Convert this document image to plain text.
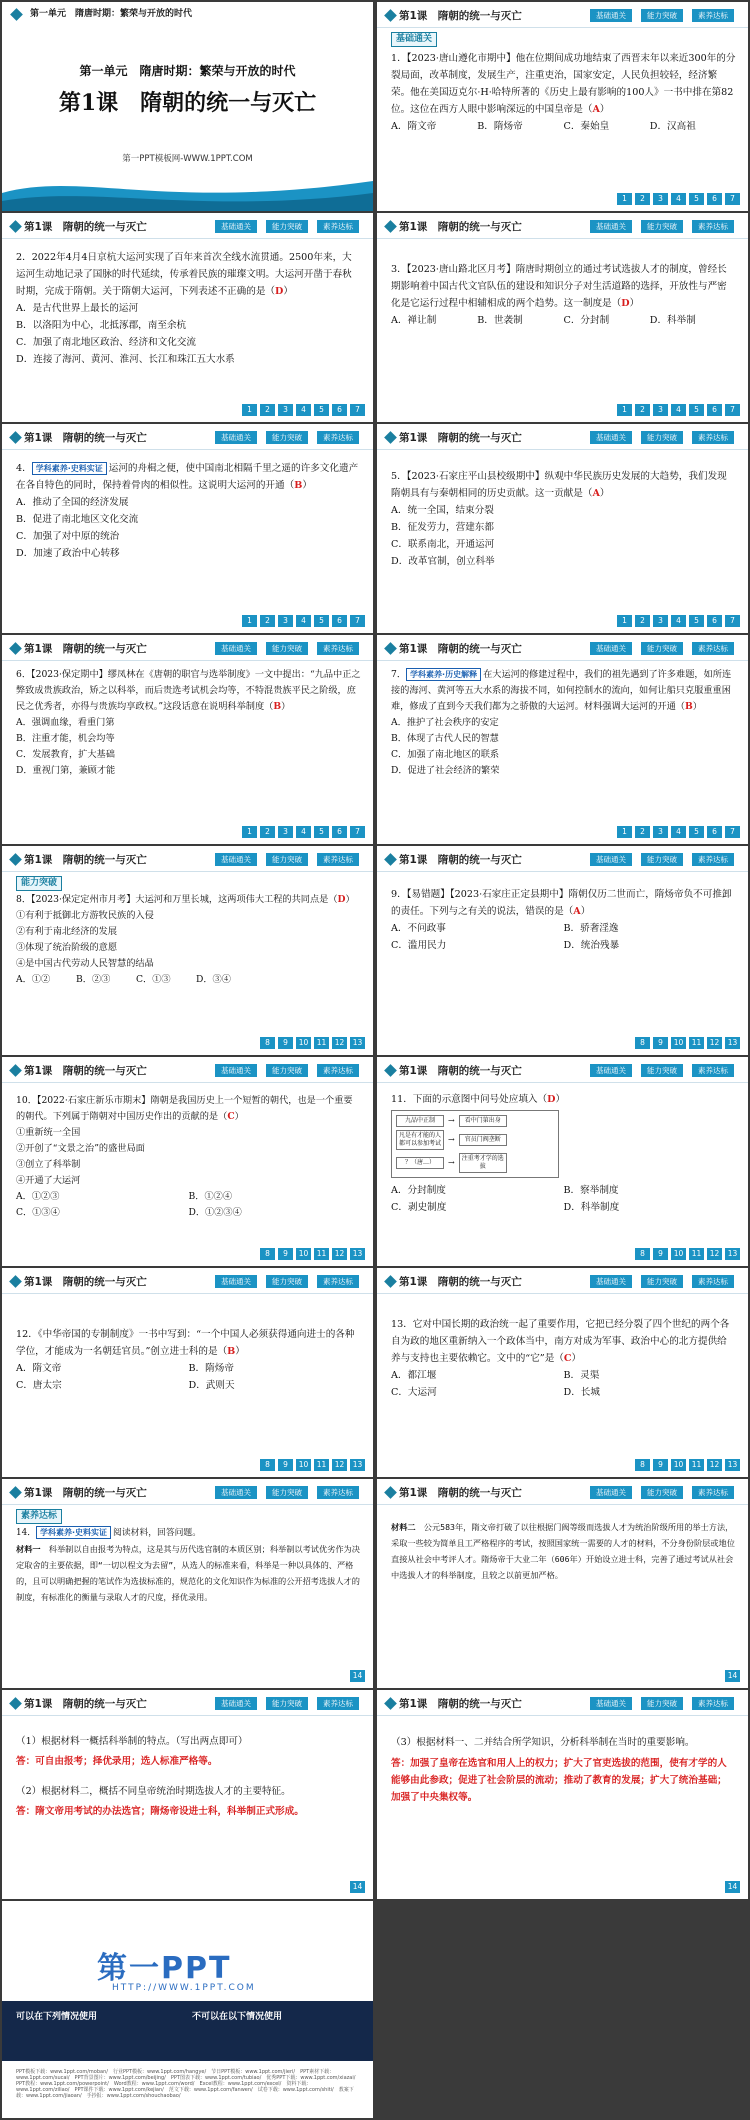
第一单元　隋唐时期：繁荣与开放的时代
第一单元　隋唐时期：繁荣与开放的时代
第1课　隋朝的统一与灭亡
第一PPT模板网-WWW.1PPT.COM
第1课　隋朝的统一与灭亡	基础通关	能力突破	素养达标
基础通关

1．【2023·唐山遵化市期中】他在位期间成功地结束了西晋末年以来近300年的分裂局面，改革制度，发展生产，注重吏治，国家安定，人民负担较轻，经济繁荣。他在美国迈克尔·H·哈特所著的《历史上最有影响的100人》一书中排在第82位。这位在西方人眼中影响深远的中国皇帝是（A）

A．隋文帝	B．隋炀帝	C．秦始皇	D．汉高祖

1	2	3	4	5	6	7
第1课　隋朝的统一与灭亡	基础通关	能力突破	素养达标

2．2022年4月4日京杭大运河实现了百年来首次全线水流贯通。2500年来，大运河生动地记录了国脉的时代延续，传承着民族的璀璨文明。大运河开凿于春秋时期，完成于隋朝。关于隋朝大运河，下列表述不正确的是（D）

A．是古代世界上最长的运河

B．以洛阳为中心，北抵涿郡，南至余杭

C．加强了南北地区政治、经济和文化交流

D．连接了海河、黄河、淮河、长江和珠江五大水系

1	2	3	4	5	6	7
第1课　隋朝的统一与灭亡	基础通关	能力突破	素养达标

3．【2023·唐山路北区月考】隋唐时期创立的通过考试选拔人才的制度，曾经长期影响着中国古代文官队伍的建设和知识分子对生活道路的选择，开放性与严密化是它运行过程中相辅相成的两个趋势。这一制度是（D）

A．禅让制	B．世袭制	C．分封制	D．科举制

1	2	3	4	5	6	7
第1课　隋朝的统一与灭亡	基础通关	能力突破	素养达标

4． 学科素养·史料实证 运河的舟楫之便，使中国南北相隔千里之遥的许多文化遗产在各自特色的同时，保持着骨肉的相似性。这说明大运河的开通（B）

A．推动了全国的经济发展

B．促进了南北地区文化交流

C．加强了对中原的统治

D．加速了政治中心转移

1	2	3	4	5	6	7
第1课　隋朝的统一与灭亡	基础通关	能力突破	素养达标

5．【2023·石家庄平山县校级期中】纵观中华民族历史发展的大趋势，我们发现隋朝具有与秦朝相同的历史贡献。这一贡献是（A）

A．统一全国，结束分裂

B．征发劳力，营建东都

C．联系南北，开通运河

D．改革官制，创立科举

1	2	3	4	5	6	7
第1课　隋朝的统一与灭亡	基础通关	能力突破	素养达标

6．【2023·保定期中】缪凤林在《唐朝的职官与选举制度》一文中提出：“九品中正之弊致成贵族政治，矫之以科举，而后贵选考试机会均等，不特混贵族平民之阶级，庶民之优秀者，亦得与贵族均享政权。”这段话意在说明科举制度（B）

A．强调血缘，看重门第

B．注重才能，机会均等

C．发展教育，扩大基础

D．重视门第，兼顾才能

1	2	3	4	5	6	7
第1课　隋朝的统一与灭亡	基础通关	能力突破	素养达标

7． 学科素养·历史解释 在大运河的修建过程中，我们的祖先遇到了许多难题，如所连接的海河、黄河等五大水系的海拔不同，如何控制水的流向，如何让船只克服重重困难，修成了直到今天我们都为之骄傲的大运河。材料强调大运河的开通（B）

A．推护了社会秩序的安定

B．体现了古代人民的智慧

C．加强了南北地区的联系

D．促进了社会经济的繁荣

1	2	3	4	5	6	7
第1课　隋朝的统一与灭亡	基础通关	能力突破	素养达标
能力突破

8．【2023·保定定州市月考】大运河和万里长城，这两项伟大工程的共同点是（D）

①有利于抵御北方游牧民族的入侵

②有利于南北经济的发展

③体现了统治阶级的意愿

④是中国古代劳动人民智慧的结晶

A．①②	B．②③	C．①③	D．③④

8	9	10	11	12	13
第1课　隋朝的统一与灭亡	基础通关	能力突破	素养达标

9．【易错题】【2023·石家庄正定县期中】隋朝仅历二世而亡，隋炀帝负不可推卸的责任。下列与之有关的说法，错误的是（A）

A．不问政事	B．骄奢淫逸

C．滥用民力	D．统治残暴

8	9	10	11	12	13
第1课　隋朝的统一与灭亡	基础通关	能力突破	素养达标

10．【2022·石家庄新乐市期末】隋朝是我国历史上一个短暂的朝代，也是一个重要的朝代。下列属于隋朝对中国历史作出的贡献的是（C）

①重新统一全国

②开创了“文景之治”的盛世局面

③创立了科举制

④开通了大运河

A．①②③	B．①②④

C．①③④	D．①②③④

8	9	10	11	12	13
第1课　隋朝的统一与灭亡	基础通关	能力突破	素养达标

11．下面的示意图中问号处应填入（D）

九品中正制	→	看中门第出身
凡是有才能的人都可以参加考试 →	官员门阀垄断
？（唐…）	→	注重考才学的选拔

A．分封制度	B．察举制度

C．剥史制度	D．科举制度

8	9	10	11	12	13
第1课　隋朝的统一与灭亡	基础通关	能力突破	素养达标

12．《中华帝国的专制制度》一书中写到：“一个中国人必须获得通向进士的各种学位，才能成为一名朝廷官员。”创立进士科的是（B）

A．隋文帝	B．隋炀帝

C．唐太宗	D．武则天

8	9	10	11	12	13
第1课　隋朝的统一与灭亡	基础通关	能力突破	素养达标

13．它对中国长期的政治统一起了重要作用，它把已经分裂了四个世纪的两个各自为政的地区重新纳入一个政体当中，南方对成为军事、政治中心的北方提供给养与支持也主要依赖它。文中的“它”是（C）

A．都江堰	B．灵渠

C．大运河	D．长城

8	9	10	11	12	13
第1课　隋朝的统一与灭亡	基础通关	能力突破	素养达标
素养达标

14． 学科素养·史料实证 阅读材料，回答问题。

材料一　 科举制以自由报考为特点，这是其与历代选官制的本质区别；科举制以考试优劣作为决定取舍的主要依据，即“一切以程文为去留”，从选人的标准来看，科举是一种以具体的、严格的，且可以明确把握的笔试作为选拔标准的，规范化的文化知识作为标准的公开招考选拔人才的制度，有标准化的衡量与录取人才的尺度，择优录用。

14
第1课　隋朝的统一与灭亡	基础通关	能力突破	素养达标

材料二　 公元583年，隋文帝打破了以往根据门阀等级而选拔人才为统治阶级所用的举士方法，采取一些较为简单且工严格程序的考试，按照国家统一需要的人才的材料，不分身份阶层或地位直接从社会中考评人才。隋炀帝于大业二年（606年）开始设立进士科，完善了通过考试从社会中选拔人才的科举制度，且较之以前更加严格。

14
第1课　隋朝的统一与灭亡	基础通关	能力突破	素养达标

（1）根据材料一概括科举制的特点。（写出两点即可）

答：可自由报考；择优录用；选人标准严格等。

（2）根据材料二，概括不同皇帝统治时期选拔人才的主要特征。

答：隋文帝用考试的办法选官；隋炀帝设进士科，科举制正式形成。

14
第1课　隋朝的统一与灭亡	基础通关	能力突破	素养达标

（3）根据材料一、二并结合所学知识，分析科举制在当时的重要影响。

答：加强了皇帝在选官和用人上的权力；扩大了官吏选拔的范围，使有才学的人能够由此参政；促进了社会阶层的流动；推动了教育的发展；扩大了统治基础；加强了中央集权等。

14
第一PPT
HTTP://WWW.1PPT.COM
可以在下列情况使用	不可以在以下情况使用
PPT模板下载：www.1ppt.com/moban/　行业PPT模板：www.1ppt.com/hangye/　节日PPT模板：www.1ppt.com/jieri/　PPT素材下载：www.1ppt.com/sucai/　PPT背景图片：www.1ppt.com/beijing/　PPT图表下载：www.1ppt.com/tubiao/　优秀PPT下载：www.1ppt.com/xiazai/　PPT教程：www.1ppt.com/powerpoint/　Word教程：www.1ppt.com/word/　Excel教程：www.1ppt.com/excel/　资料下载：www.1ppt.com/ziliao/　PPT课件下载：www.1ppt.com/kejian/　范文下载：www.1ppt.com/fanwen/　试卷下载：www.1ppt.com/shiti/　教案下载：www.1ppt.com/jiaoan/　手抄报：www.1ppt.com/shouchaobao/
